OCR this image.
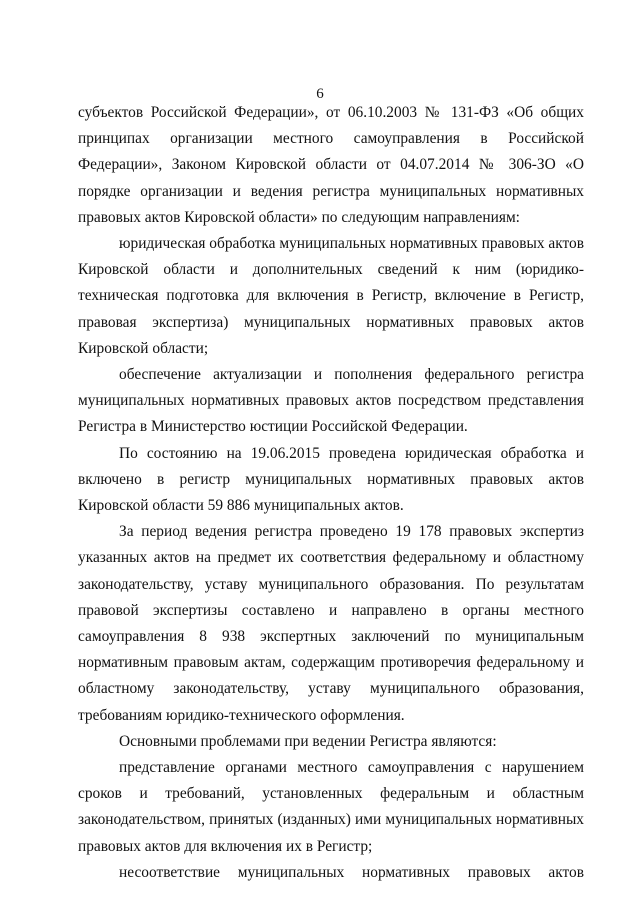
6

субъектов Российской Федерации», от 06.10.2003 № 131-ФЗ «Об общих принципах организации местного самоуправления в Российской Федерации», Законом Кировской области от 04.07.2014 № 306-ЗО «О порядке организации и ведения регистра муниципальных нормативных правовых актов Кировской области» по следующим направлениям:

юридическая обработка муниципальных нормативных правовых актов Кировской области и дополнительных сведений к ним (юридико-техническая подготовка для включения в Регистр, включение в Регистр, правовая экспертиза) муниципальных нормативных правовых актов Кировской области;

обеспечение актуализации и пополнения федерального регистра муниципальных нормативных правовых актов посредством представления Регистра в Министерство юстиции Российской Федерации.

По состоянию на 19.06.2015 проведена юридическая обработка и включено в регистр муниципальных нормативных правовых актов Кировской области 59 886 муниципальных актов.

За период ведения регистра проведено 19 178 правовых экспертиз указанных актов на предмет их соответствия федеральному и областному законодательству, уставу муниципального образования. По результатам правовой экспертизы составлено и направлено в органы местного самоуправления 8 938 экспертных заключений по муниципальным нормативным правовым актам, содержащим противоречия федеральному и областному законодательству, уставу муниципального образования, требованиям юридико-технического оформления.

Основными проблемами при ведении Регистра являются:

представление органами местного самоуправления с нарушением сроков и требований, установленных федеральным и областным законодательством, принятых (изданных) ими муниципальных нормативных правовых актов для включения их в Регистр;

несоответствие муниципальных нормативных правовых актов
